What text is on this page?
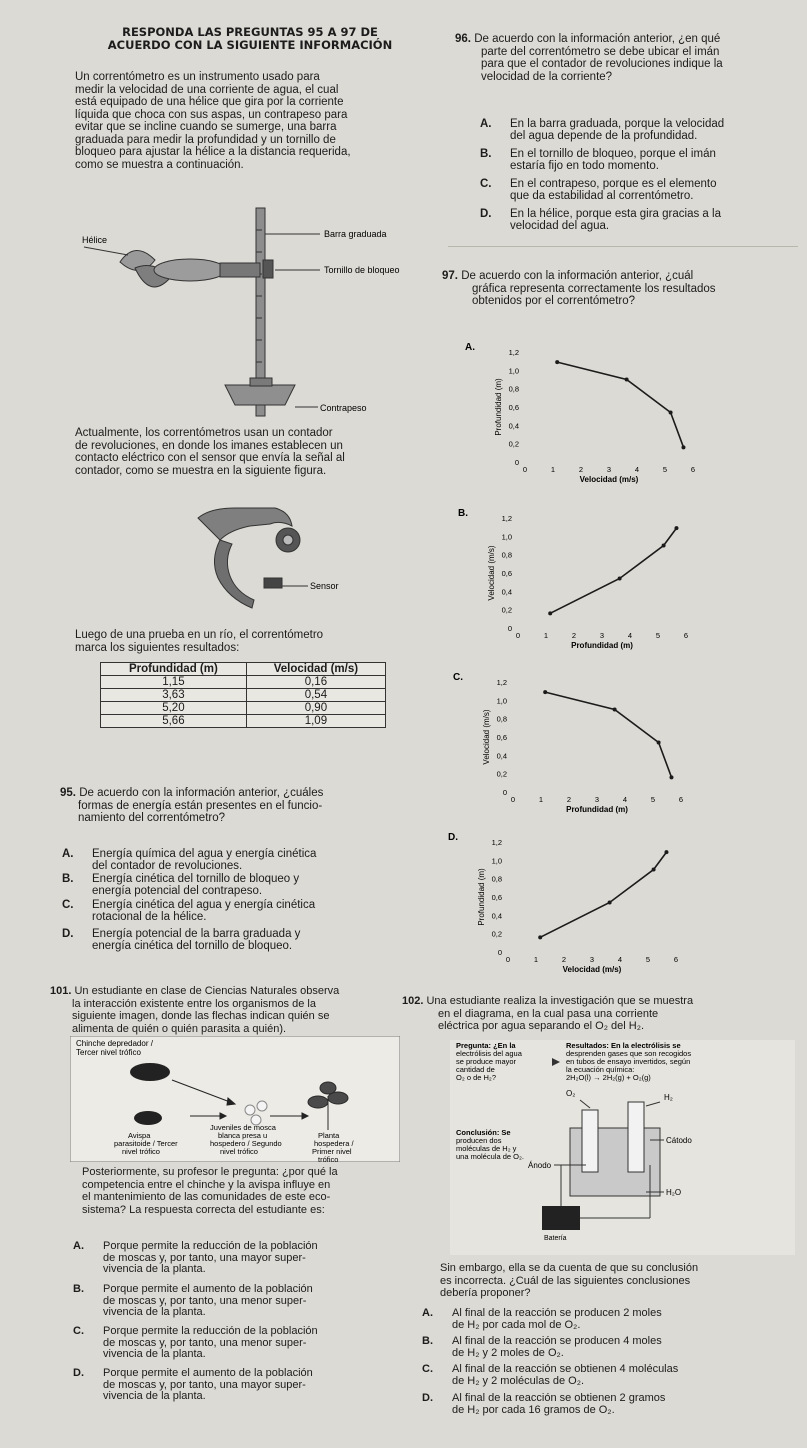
RESPONDA LAS PREGUNTAS 95 A 97 DE
ACUERDO CON LA SIGUIENTE INFORMACIÓN
Un correntómetro es un instrumento usado para
medir la velocidad de una corriente de agua, el cual
está equipado de una hélice que gira por la corriente
líquida que choca con sus aspas, un contrapeso para
evitar que se incline cuando se sumerge, una barra
graduada para medir la profundidad y un tornillo de
bloqueo para ajustar la hélice a la distancia requerida,
como se muestra a continuación.
Barra graduada
Hélice
Tornillo de bloqueo
Contrapeso
Actualmente, los correntómetros usan un contador
de revoluciones, en donde los imanes establecen un
contacto eléctrico con el sensor que envía la señal al
contador, como se muestra en la siguiente figura.
Sensor
Luego de una prueba en un río, el correntómetro
marca los siguientes resultados:
Profundidad (m)	Velocidad (m/s)
1,15	0,16
3,63	0,54
5,20	0,90
5,66	1,09
95. De acuerdo con la información anterior, ¿cuáles
formas de energía están presentes en el funcio-
namiento del correntómetro?
A.	Energía química del agua y energía cinética
del contador de revoluciones.
B.	Energía cinética del tornillo de bloqueo y
energía potencial del contrapeso.
C.	Energía cinética del agua y energía cinética
rotacional de la hélice.
D.	Energía potencial de la barra graduada y
energía cinética del tornillo de bloqueo.
96. De acuerdo con la información anterior, ¿en qué
parte del correntómetro se debe ubicar el imán
para que el contador de revoluciones indique la
velocidad de la corriente?
A.	En la barra graduada, porque la velocidad
del agua depende de la profundidad.
B.	En el tornillo de bloqueo, porque el imán
estaría fijo en todo momento.
C.	En el contrapeso, porque es el elemento
que da estabilidad al correntómetro.
D.	En la hélice, porque esta gira gracias a la
velocidad del agua.
97. De acuerdo con la información anterior, ¿cuál
gráfica representa correctamente los resultados
obtenidos por el correntómetro?
A.
0
0,2
0,4
0,6
0,8
1,0
1,2
0	1	2	3	4	5	6
Velocidad (m/s)
Profundidad (m)
B.
0
0,2
0,4
0,6
0,8
1,0
1,2
0	1	2	3	4	5	6
Profundidad (m)
Velocidad (m/s)
C.
0
0,2
0,4
0,6
0,8
1,0
1,2
0	1	2	3	4	5	6
Profundidad (m)
Velocidad (m/s)
D.
0
0,2
0,4
0,6
0,8
1,0
1,2
0	1	2	3	4	5	6
Velocidad (m/s)
Profundidad (m)
101. Un estudiante en clase de Ciencias Naturales observa
la interacción existente entre los organismos de la
siguiente imagen, donde las flechas indican quién se
alimenta de quién o quién parasita a quién).
Chinche depredador /
Tercer nivel trófico
Avispa parasitoide / Tercer nivel trófico
Juveniles de mosca blanca presa u hospedero / Segundo nivel trófico
Planta hospedera / Primer nivel trófico
Posteriormente, su profesor le pregunta: ¿por qué la
competencia entre el chinche y la avispa influye en
el mantenimiento de las comunidades de este eco-
sistema? La respuesta correcta del estudiante es:
A.	Porque permite la reducción de la población
de moscas y, por tanto, una mayor super-
vivencia de la planta.
B.	Porque permite el aumento de la población
de moscas y, por tanto, una menor super-
vivencia de la planta.
C.	Porque permite la reducción de la población
de moscas y, por tanto, una menor super-
vivencia de la planta.
D.	Porque permite el aumento de la población
de moscas y, por tanto, una mayor super-
vivencia de la planta.
102. Una estudiante realiza la investigación que se muestra
en el diagrama, en la cual pasa una corriente
eléctrica por agua separando el O₂ del H₂.
Pregunta: ¿En la electrólisis del agua se produce mayor cantidad de O₂ o de H₂?
Resultados: En la electrólisis se desprenden gases que son recogidos en tubos de ensayo invertidos, según la ecuación química: 2H₂O(l) → 2H₂(g) + O₂(g)
Conclusión: Se producen dos moléculas de H₂ y una molécula de O₂.
O₂	H₂
Cátodo
Ánodo
H₂O
Batería
Sin embargo, ella se da cuenta de que su conclusión
es incorrecta. ¿Cuál de las siguientes conclusiones
debería proponer?
A.	Al final de la reacción se producen 2 moles
de H₂ por cada mol de O₂.
B.	Al final de la reacción se producen 4 moles
de H₂ y 2 moles de O₂.
C.	Al final de la reacción se obtienen 4 moléculas
de H₂ y 2 moléculas de O₂.
D.	Al final de la reacción se obtienen 2 gramos
de H₂ por cada 16 gramos de O₂.
